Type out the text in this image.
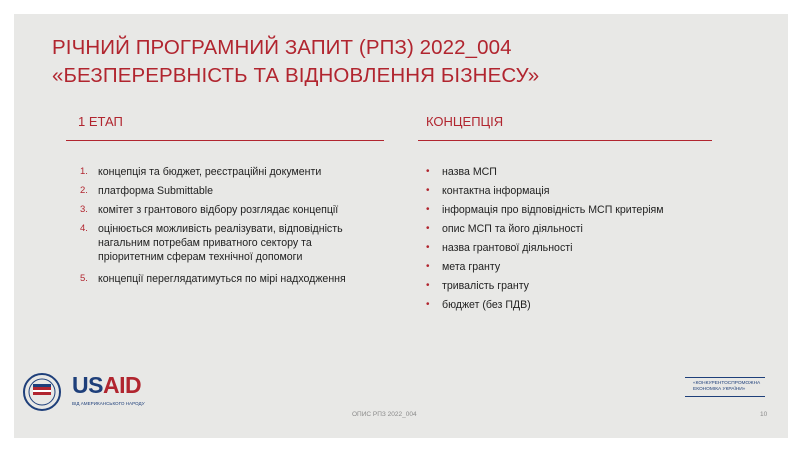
РІЧНИЙ ПРОГРАМНИЙ ЗАПИТ (РПЗ) 2022_004
«БЕЗПЕРЕРВНІСТЬ ТА ВІДНОВЛЕННЯ БІЗНЕСУ»
1 ЕТАП	КОНЦЕПЦІЯ
1. концепція та бюджет, реєстраційні документи
2. платформа Submittable
3. комітет з грантового відбору розглядає концепції
4. оцінюється можливість реалізувати, відповідність
нагальним потребам приватного сектору та
пріоритетним сферам технічної допомоги
5. концепції переглядатимуться по мірі надходження
• назва МСП
• контактна інформація
• інформація про відповідність МСП критеріям
• опис МСП та його діяльності
• назва грантової діяльності
• мета гранту
• тривалість гранту
• бюджет (без ПДВ)
USAID
ВІД АМЕРИКАНСЬКОГО НАРОДУ
ОПИС РПЗ 2022_004	10
«КОНКУРЕНТОСПРОМОЖНА
ЕКОНОМІКА УКРАЇНИ»
